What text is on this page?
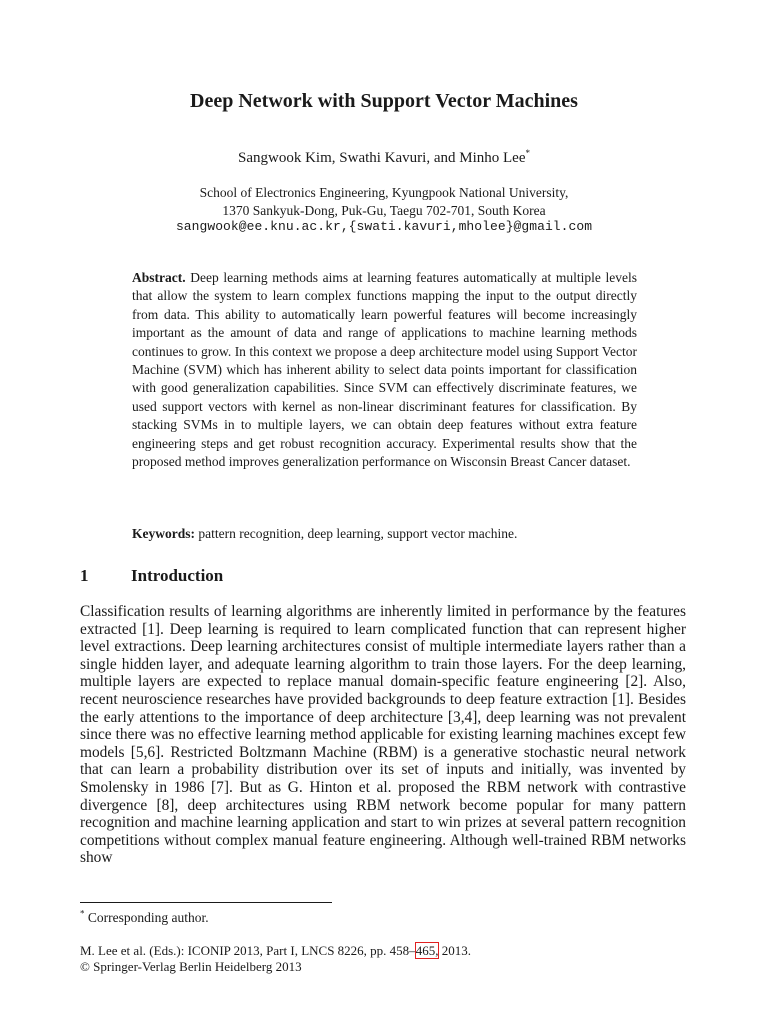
Deep Network with Support Vector Machines
Sangwook Kim, Swathi Kavuri, and Minho Lee*
School of Electronics Engineering, Kyungpook National University,
1370 Sankyuk-Dong, Puk-Gu, Taegu 702-701, South Korea
sangwook@ee.knu.ac.kr,{swati.kavuri,mholee}@gmail.com
Abstract. Deep learning methods aims at learning features automatically at multiple levels that allow the system to learn complex functions mapping the input to the output directly from data. This ability to automatically learn powerful features will become increasingly important as the amount of data and range of applications to machine learning methods continues to grow. In this context we propose a deep architecture model using Support Vector Machine (SVM) which has inherent ability to select data points important for classification with good generalization capabilities. Since SVM can effectively discriminate features, we used support vectors with kernel as non-linear discriminant features for classification. By stacking SVMs in to multiple layers, we can obtain deep features without extra feature engineering steps and get robust recognition accuracy. Experimental results show that the proposed method improves generalization performance on Wisconsin Breast Cancer dataset.
Keywords: pattern recognition, deep learning, support vector machine.
1	Introduction
Classification results of learning algorithms are inherently limited in performance by the features extracted [1]. Deep learning is required to learn complicated function that can represent higher level extractions. Deep learning architectures consist of multiple intermediate layers rather than a single hidden layer, and adequate learning algorithm to train those layers. For the deep learning, multiple layers are expected to replace manual domain-specific feature engineering [2]. Also, recent neuroscience researches have provided backgrounds to deep feature extraction [1]. Besides the early attentions to the importance of deep architecture [3,4], deep learning was not prevalent since there was no effective learning method applicable for existing learning machines except few models [5,6]. Restricted Boltzmann Machine (RBM) is a generative stochastic neural network that can learn a probability distribution over its set of inputs and initially, was invented by Smolensky in 1986 [7]. But as G. Hinton et al. proposed the RBM network with contrastive divergence [8], deep architectures using RBM network become popular for many pattern recognition and machine learning application and start to win prizes at several pattern recognition competitions without complex manual feature engineering. Although well-trained RBM networks show
* Corresponding author.
M. Lee et al. (Eds.): ICONIP 2013, Part I, LNCS 8226, pp. 458–465, 2013.
© Springer-Verlag Berlin Heidelberg 2013
